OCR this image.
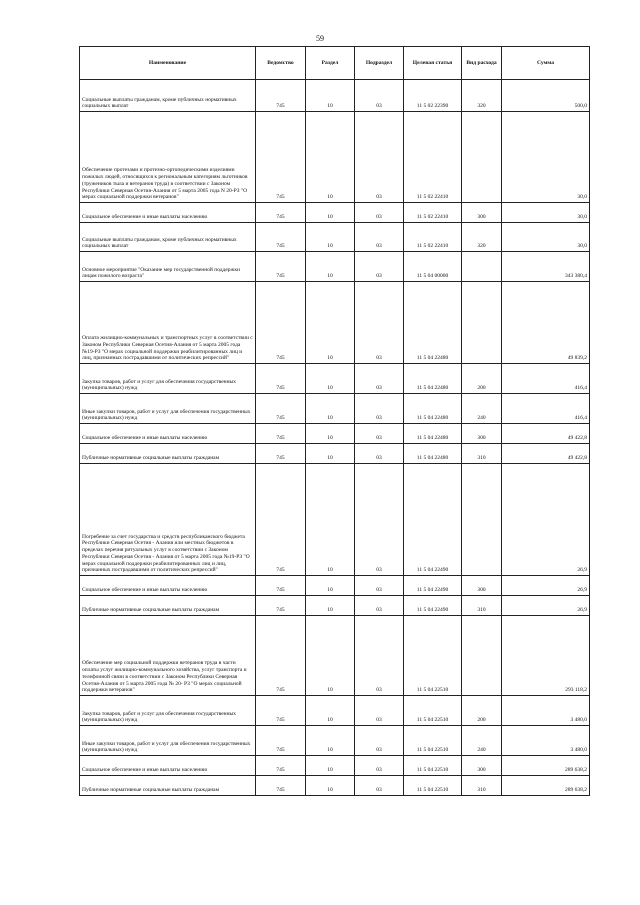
59
Наименование	Ведомство	Раздел	Подраздел	Целевая статья	Вид расхода	Сумма
Социальные выплаты гражданам, кроме публичных нормативных социальных выплат	745	10	03	11 5 02 22390	320	500,0
Обеспечение протезами и протезно-ортопедическими изделиями пожилых людей, относящихся к региональным категориям льготников (тружеников тыла и ветеранов труда) в соответствии с Законом Республики Северная Осетия-Алания от 5 марта 2005 года N 20-РЗ "О мерах социальной поддержки ветеранов"	745	10	03	11 5 02 22410		30,0
Социальное обеспечение и иные выплаты населению	745	10	03	11 5 02 22410	300	30,0
Социальные выплаты гражданам, кроме публичных нормативных социальных выплат	745	10	03	11 5 02 22410	320	30,0
Основное мероприятие "Оказание мер государственной поддержки лицам пожилого возраста"	745	10	03	11 5 04 00000		343 380,4
Оплата жилищно-коммунальных и транспортных услуг в соответствии с Законом Республики Северная Осетия-Алания от 5 марта 2005 года №19-РЗ "О мерах социальной поддержки реабилитированных лиц и лиц, признанных пострадавшими от политических репрессий"	745	10	03	11 5 04 22480		49 839,2
Закупка товаров, работ и услуг для обеспечения государственных (муниципальных) нужд	745	10	03	11 5 04 22480	200	416,4
Иные закупки товаров, работ и услуг для обеспечения государственных (муниципальных) нужд	745	10	03	11 5 04 22480	240	416,4
Социальное обеспечение и иные выплаты населению	745	10	03	11 5 04 22480	300	49 422,8
Публичные нормативные социальные выплаты гражданам	745	10	03	11 5 04 22480	310	49 422,8
Погребение за счет государства и средств республиканского бюджета Республики Северная Осетия - Алания или местных бюджетов в пределах перечня ритуальных услуг в соответствии с Законом Республики Северная Осетия - Алания от 5 марта 2005 года №19-РЗ "О мерах социальной поддержки реабилитированных лиц и лиц, признанных пострадавшими от политических репрессий"	745	10	03	11 5 04 22490		26,9
Социальное обеспечение и иные выплаты населению	745	10	03	11 5 04 22490	300	26,9
Публичные нормативные социальные выплаты гражданам	745	10	03	11 5 04 22490	310	26,9
Обеспечение мер социальной поддержки ветеранов труда в части оплаты услуг жилищно-коммунального хозяйства, услуг транспорта и телефонной связи в соответствии с Законом Республики Северная Осетия-Алания от 5 марта 2005 года № 20- РЗ "О мерах социальной поддержки ветеранов"	745	10	03	11 5 04 22510		293 118,2
Закупка товаров, работ и услуг для обеспечения государственных (муниципальных) нужд	745	10	03	11 5 04 22510	200	3 480,0
Иные закупки товаров, работ и услуг для обеспечения государственных (муниципальных) нужд	745	10	03	11 5 04 22510	240	3 480,0
Социальное обеспечение и иные выплаты населению	745	10	03	11 5 04 22510	300	289 638,2
Публичные нормативные социальные выплаты гражданам	745	10	03	11 5 04 22510	310	289 638,2
